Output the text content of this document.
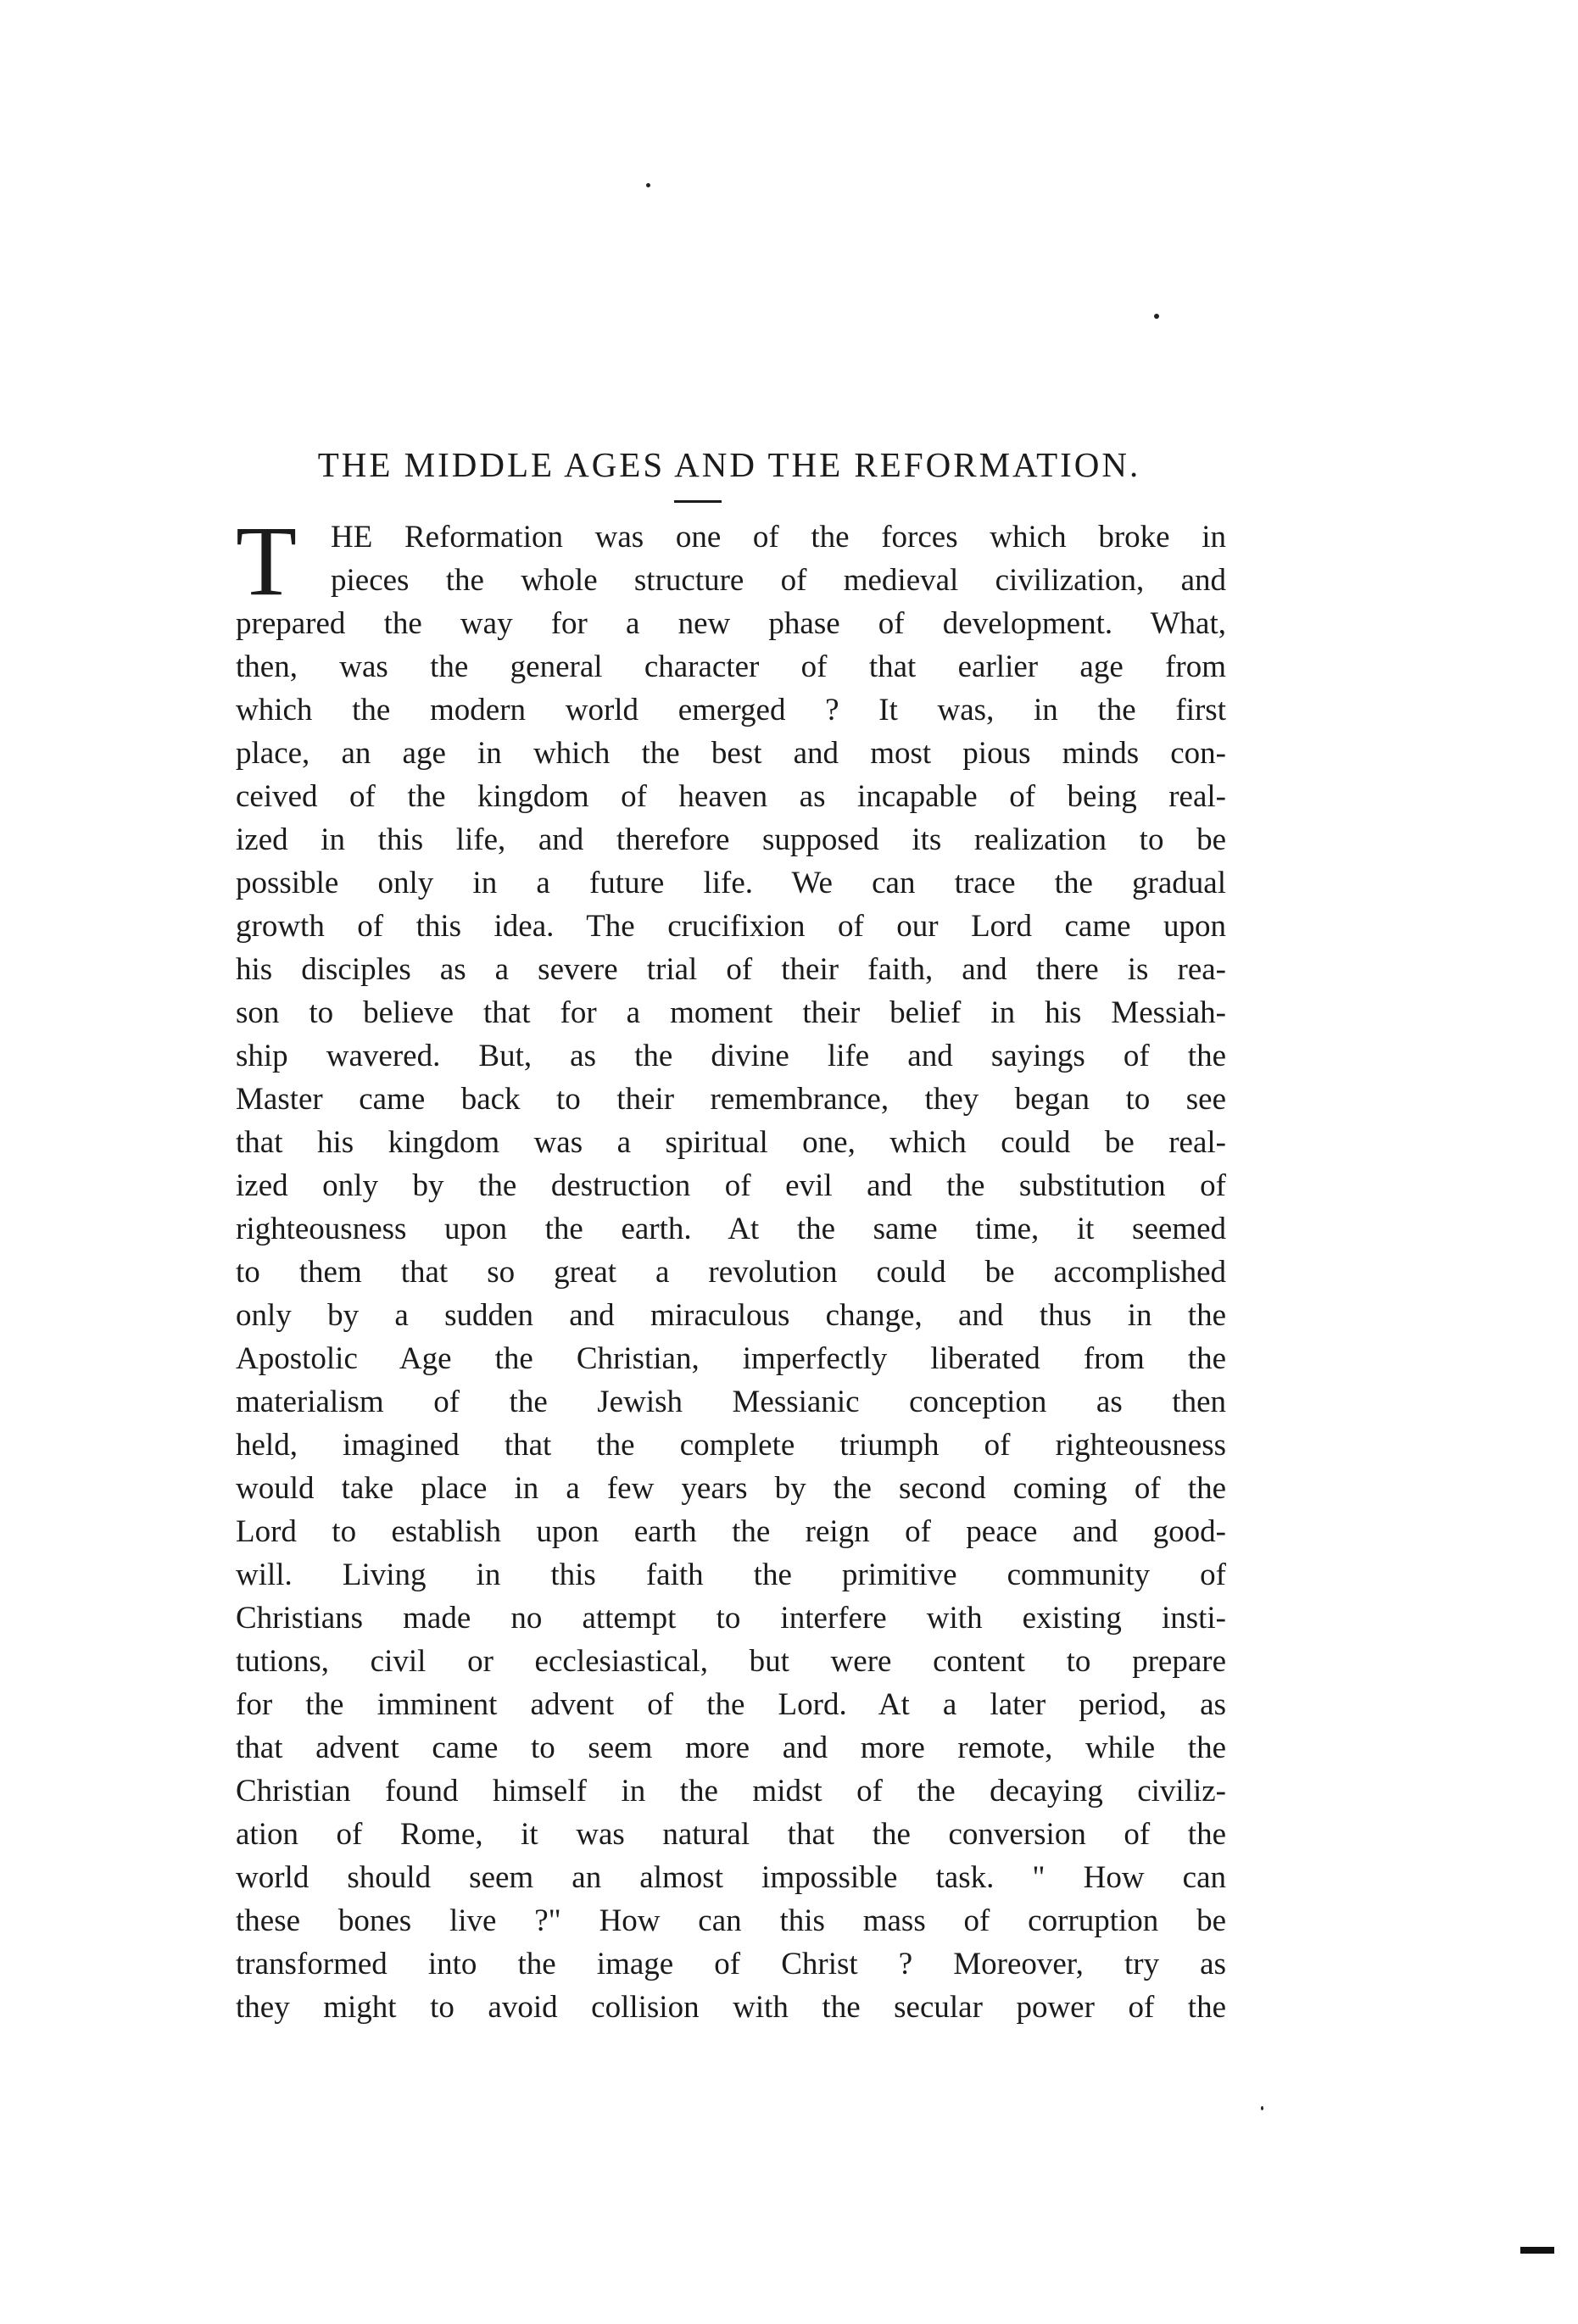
THE MIDDLE AGES AND THE REFORMATION.
T	HE Reformation was one of the forces which broke in
pieces the whole structure of medieval civilization, and
prepared the way for a new phase of development. What,
then, was the general character of that earlier age from
which the modern world emerged ? It was, in the first
place, an age in which the best and most pious minds con-
ceived of the kingdom of heaven as incapable of being real-
ized in this life, and therefore supposed its realization to be
possible only in a future life. We can trace the gradual
growth of this idea. The crucifixion of our Lord came upon
his disciples as a severe trial of their faith, and there is rea-
son to believe that for a moment their belief in his Messiah-
ship wavered. But, as the divine life and sayings of the
Master came back to their remembrance, they began to see
that his kingdom was a spiritual one, which could be real-
ized only by the destruction of evil and the substitution of
righteousness upon the earth. At the same time, it seemed
to them that so great a revolution could be accomplished
only by a sudden and miraculous change, and thus in the
Apostolic Age the Christian, imperfectly liberated from the
materialism of the Jewish Messianic conception as then
held, imagined that the complete triumph of righteousness
would take place in a few years by the second coming of the
Lord to establish upon earth the reign of peace and good-
will. Living in this faith the primitive community of
Christians made no attempt to interfere with existing insti-
tutions, civil or ecclesiastical, but were content to prepare
for the imminent advent of the Lord. At a later period, as
that advent came to seem more and more remote, while the
Christian found himself in the midst of the decaying civiliz-
ation of Rome, it was natural that the conversion of the
world should seem an almost impossible task. " How can
these bones live ?" How can this mass of corruption be
transformed into the image of Christ ? Moreover, try as
they might to avoid collision with the secular power of the
